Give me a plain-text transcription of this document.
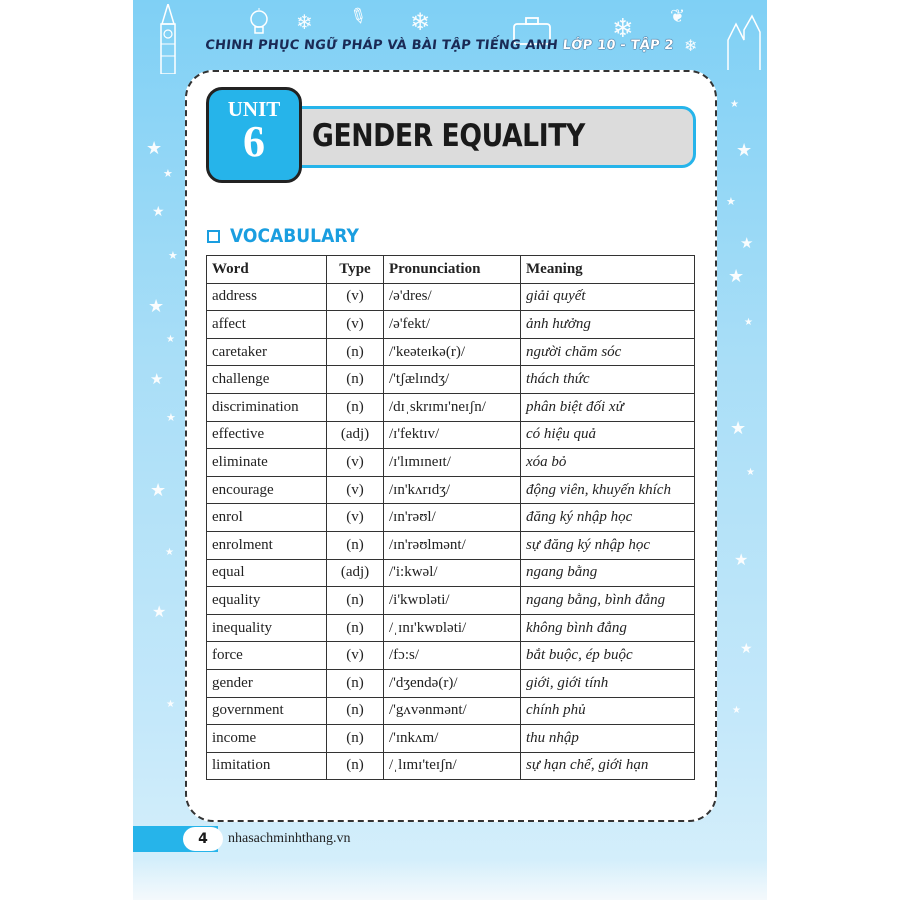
❄ ✎ ❄	❄ ❦
❄
★
★
★
★
★
★
★
★
★
★
★
★
★
★
★
★
★
★
★
★
★
★
★
CHINH PHỤC NGỮ PHÁP VÀ BÀI TẬP TIẾNG ANH LỚP 10 - TẬP 2
GENDER EQUALITY
UNIT
6
VOCABULARY
Word	Type	Pronunciation	Meaning
address	(v)	/ə'dres/	giải quyết
affect	(v)	/ə'fekt/	ảnh hưởng
caretaker	(n)	/'keəteɪkə(r)/	người chăm sóc
challenge	(n)	/'tʃælɪndʒ/	thách thức
discrimination	(n)	/dɪˌskrɪmɪ'neɪʃn/	phân biệt đối xử
effective	(adj)	/ɪ'fektɪv/	có hiệu quả
eliminate	(v)	/ɪ'lɪmɪneɪt/	xóa bỏ
encourage	(v)	/ɪn'kʌrɪdʒ/	động viên, khuyến khích
enrol	(v)	/ɪn'rəʊl/	đăng ký nhập học
enrolment	(n)	/ɪn'rəʊlmənt/	sự đăng ký nhập học
equal	(adj)	/'i:kwəl/	ngang bằng
equality	(n)	/i'kwɒləti/	ngang bằng, bình đẳng
inequality	(n)	/ˌɪnɪ'kwɒləti/	không bình đẳng
force	(v)	/fɔ:s/	bắt buộc, ép buộc
gender	(n)	/'dʒendə(r)/	giới, giới tính
government	(n)	/'gʌvənmənt/	chính phủ
income	(n)	/'ɪnkʌm/	thu nhập
limitation	(n)	/ˌlɪmɪ'teɪʃn/	sự hạn chế, giới hạn
4	nhasachminhthang.vn
